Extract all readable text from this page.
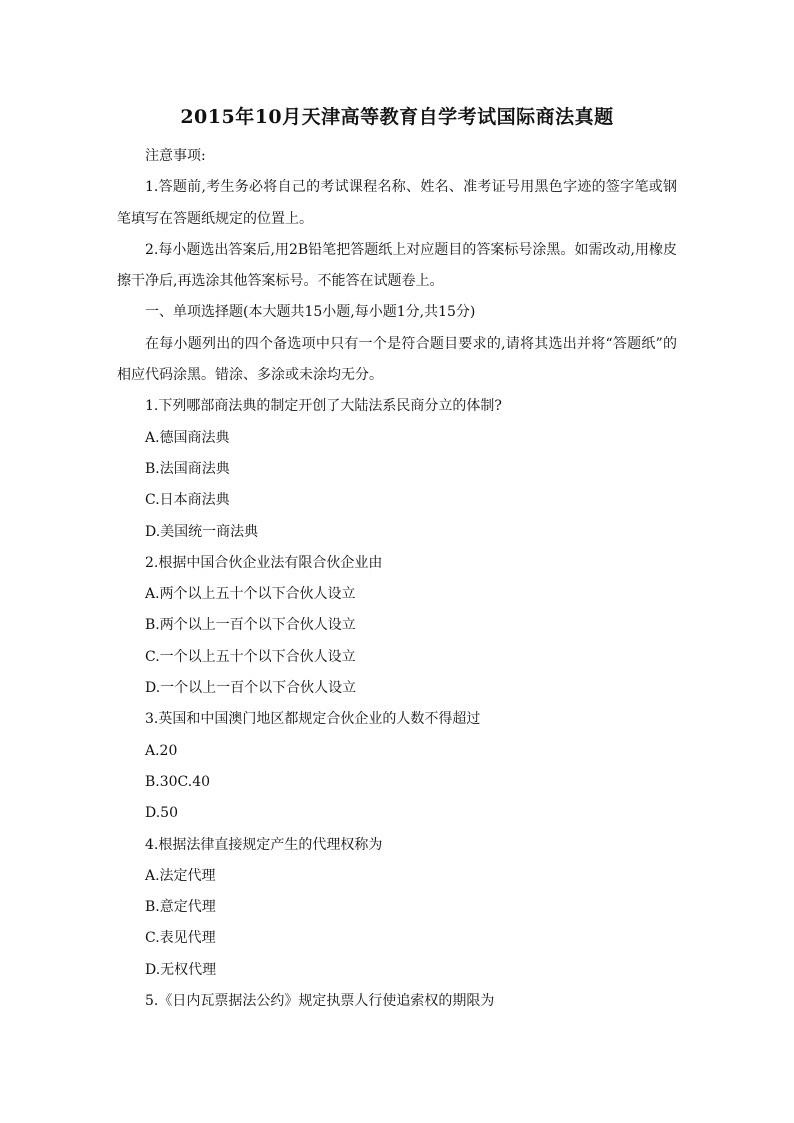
2015年10月天津高等教育自学考试国际商法真题

注意事项:

1.答题前,考生务必将自己的考试课程名称、姓名、准考证号用黑色字迹的签字笔或钢笔填写在答题纸规定的位置上。

2.每小题选出答案后,用2B铅笔把答题纸上对应题目的答案标号涂黑。如需改动,用橡皮擦干净后,再选涂其他答案标号。不能答在试题卷上。

一、单项选择题(本大题共15小题,每小题1分,共15分)

在每小题列出的四个备选项中只有一个是符合题目要求的,请将其选出并将“答题纸”的相应代码涂黑。错涂、多涂或未涂均无分。

1.下列哪部商法典的制定开创了大陆法系民商分立的体制?

A.德国商法典

B.法国商法典

C.日本商法典

D.美国统一商法典

2.根据中国合伙企业法有限合伙企业由

A.两个以上五十个以下合伙人设立

B.两个以上一百个以下合伙人设立

C.一个以上五十个以下合伙人设立

D.一个以上一百个以下合伙人设立

3.英国和中国澳门地区都规定合伙企业的人数不得超过

A.20

B.30C.40

D.50

4.根据法律直接规定产生的代理权称为

A.法定代理

B.意定代理

C.表见代理

D.无权代理

5.《日内瓦票据法公约》规定执票人行使追索权的期限为
